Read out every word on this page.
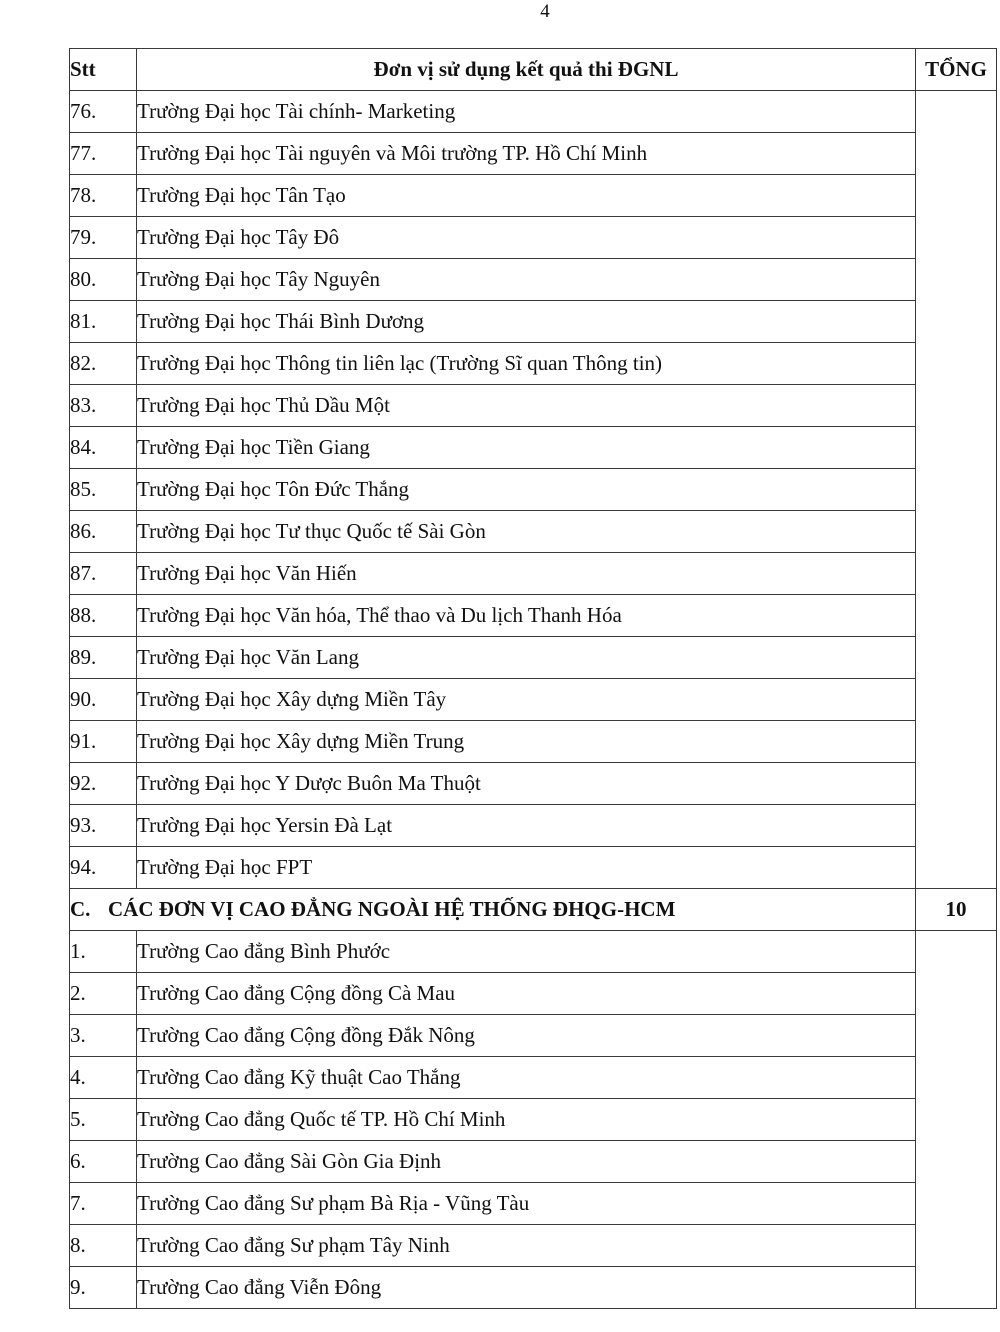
4
Stt	Đơn vị sử dụng kết quả thi ĐGNL	TỔNG
76.	Trường Đại học Tài chính- Marketing	
77.	Trường Đại học Tài nguyên và Môi trường TP. Hồ Chí Minh	
78.	Trường Đại học Tân Tạo	
79.	Trường Đại học Tây Đô	
80.	Trường Đại học Tây Nguyên	
81.	Trường Đại học Thái Bình Dương	
82.	Trường Đại học Thông tin liên lạc (Trường Sĩ quan Thông tin)	
83.	Trường Đại học Thủ Dầu Một	
84.	Trường Đại học Tiền Giang	
85.	Trường Đại học Tôn Đức Thắng	
86.	Trường Đại học Tư thục Quốc tế Sài Gòn	
87.	Trường Đại học Văn Hiến	
88.	Trường Đại học Văn hóa, Thể thao và Du lịch Thanh Hóa	
89.	Trường Đại học Văn Lang	
90.	Trường Đại học Xây dựng Miền Tây	
91.	Trường Đại học Xây dựng Miền Trung	
92.	Trường Đại học Y Dược Buôn Ma Thuột	
93.	Trường Đại học Yersin Đà Lạt	
94.	Trường Đại học FPT	
C. CÁC ĐƠN VỊ CAO ĐẲNG NGOÀI HỆ THỐNG ĐHQG-HCM		10
1.	Trường Cao đẳng Bình Phước	
2.	Trường Cao đẳng Cộng đồng Cà Mau	
3.	Trường Cao đẳng Cộng đồng Đắk Nông	
4.	Trường Cao đẳng Kỹ thuật Cao Thắng	
5.	Trường Cao đẳng Quốc tế TP. Hồ Chí Minh	
6.	Trường Cao đẳng Sài Gòn Gia Định	
7.	Trường Cao đẳng Sư phạm Bà Rịa - Vũng Tàu	
8.	Trường Cao đẳng Sư phạm Tây Ninh	
9.	Trường Cao đẳng Viễn Đông	
